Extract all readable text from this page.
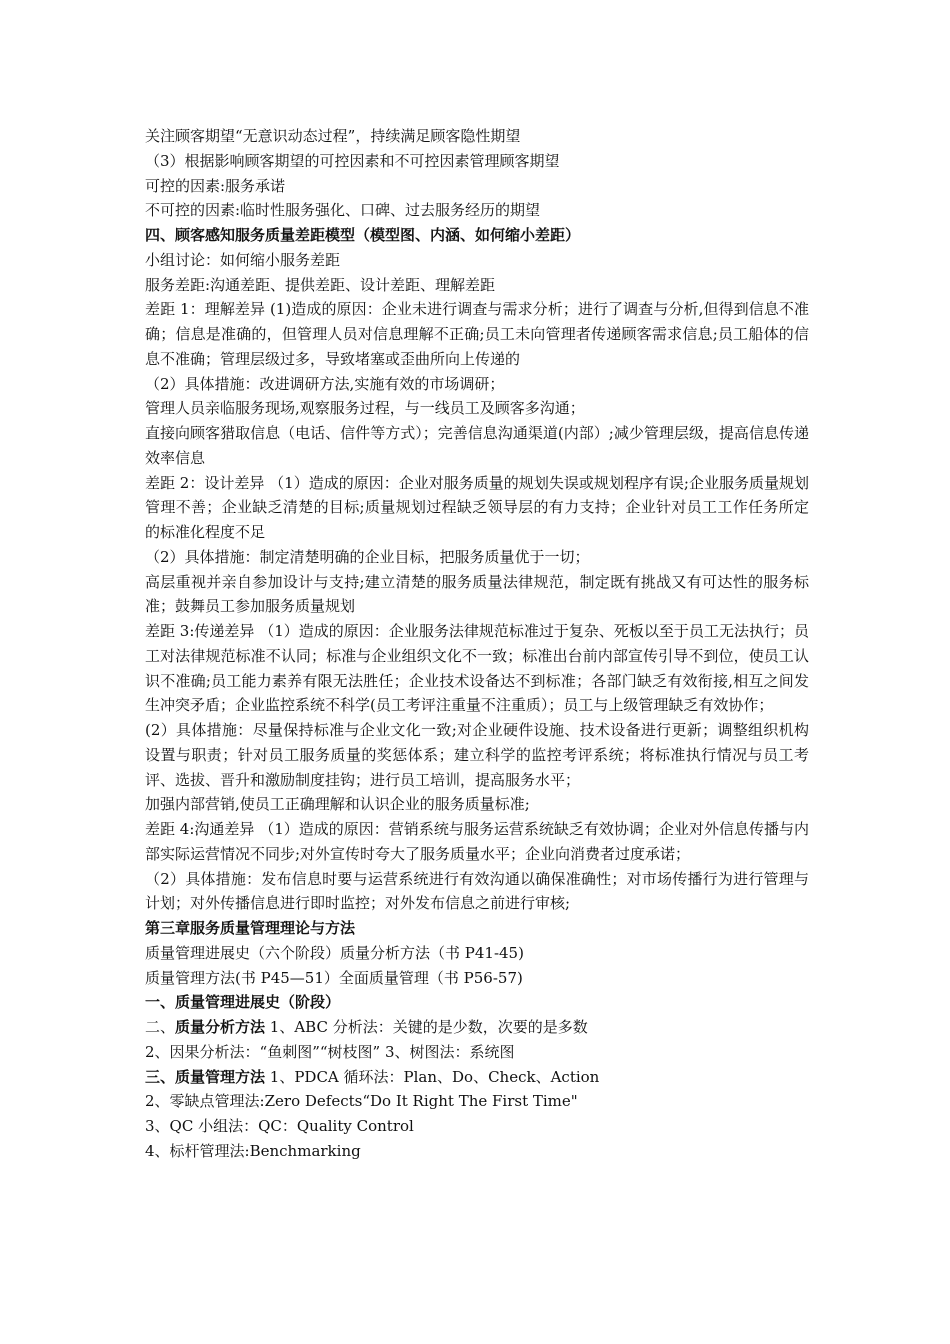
关注顾客期望“无意识动态过程”，持续满足顾客隐性期望

（3）根据影响顾客期望的可控因素和不可控因素管理顾客期望

可控的因素:服务承诺

不可控的因素:临时性服务强化、口碑、过去服务经历的期望

四、顾客感知服务质量差距模型（模型图、内涵、如何缩小差距）

小组讨论：如何缩小服务差距

服务差距:沟通差距、提供差距、设计差距、理解差距

差距 1：理解差异 (1)造成的原因：企业未进行调查与需求分析；进行了调查与分析,但得到信息不准确；信息是准确的，但管理人员对信息理解不正确;员工未向管理者传递顾客需求信息;员工船体的信息不准确；管理层级过多，导致堵塞或歪曲所向上传递的

（2）具体措施：改进调研方法,实施有效的市场调研；

管理人员亲临服务现场,观察服务过程，与一线员工及顾客多沟通；

直接向顾客猎取信息（电话、信件等方式）；完善信息沟通渠道(内部）;减少管理层级，提高信息传递效率信息

差距 2：设计差异 （1）造成的原因：企业对服务质量的规划失误或规划程序有误;企业服务质量规划管理不善；企业缺乏清楚的目标;质量规划过程缺乏领导层的有力支持；企业针对员工工作任务所定的标准化程度不足

（2）具体措施：制定清楚明确的企业目标，把服务质量优于一切；

高层重视并亲自参加设计与支持;建立清楚的服务质量法律规范，制定既有挑战又有可达性的服务标准；鼓舞员工参加服务质量规划

差距 3:传递差异 （1）造成的原因：企业服务法律规范标准过于复杂、死板以至于员工无法执行；员工对法律规范标准不认同；标准与企业组织文化不一致；标准出台前内部宣传引导不到位，使员工认识不准确;员工能力素养有限无法胜任；企业技术设备达不到标准；各部门缺乏有效衔接,相互之间发生冲突矛盾；企业监控系统不科学(员工考评注重量不注重质）；员工与上级管理缺乏有效协作；

(2）具体措施：尽量保持标准与企业文化一致;对企业硬件设施、技术设备进行更新；调整组织机构设置与职责；针对员工服务质量的奖惩体系；建立科学的监控考评系统；将标准执行情况与员工考评、选拔、晋升和激励制度挂钩；进行员工培训，提高服务水平；

加强内部营销,使员工正确理解和认识企业的服务质量标准;

差距 4:沟通差异 （1）造成的原因：营销系统与服务运营系统缺乏有效协调；企业对外信息传播与内部实际运营情况不同步;对外宣传时夸大了服务质量水平；企业向消费者过度承诺；

（2）具体措施：发布信息时要与运营系统进行有效沟通以确保准确性；对市场传播行为进行管理与计划；对外传播信息进行即时监控；对外发布信息之前进行审核;

第三章服务质量管理理论与方法

质量管理进展史（六个阶段）质量分析方法（书 P41-45)

质量管理方法(书 P45—51）全面质量管理（书 P56-57)

一、质量管理进展史（阶段）

二、质量分析方法 1、ABC 分析法：关键的是少数，次要的是多数

2、因果分析法：“鱼刺图”“树枝图” 3、树图法：系统图

三、质量管理方法 1、PDCA 循环法：Plan、Do、Check、Action

2、零缺点管理法:Zero Defects“Do It Right The First Time"

3、QC 小组法：QC：Quality Control

4、标杆管理法:Benchmarking
